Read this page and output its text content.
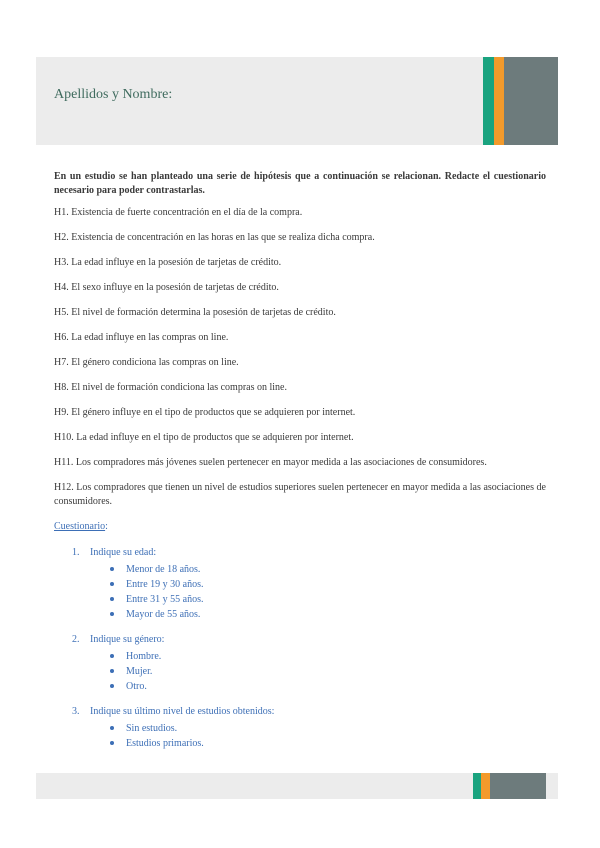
Apellidos y Nombre:

En un estudio se han planteado una serie de hipótesis que a continuación se relacionan. Redacte el cuestionario necesario para poder contrastarlas.

H1. Existencia de fuerte concentración en el día de la compra.

H2. Existencia de concentración en las horas en las que se realiza dicha compra.

H3. La edad influye en la posesión de tarjetas de crédito.

H4. El sexo influye en la posesión de tarjetas de crédito.

H5. El nivel de formación determina la posesión de tarjetas de crédito.

H6. La edad influye en las compras on line.

H7. El género condiciona las compras on line.

H8. El nivel de formación condiciona las compras on line.

H9. El género influye en el tipo de productos que se adquieren por internet.

H10. La edad influye en el tipo de productos que se adquieren por internet.

H11. Los compradores más jóvenes suelen pertenecer en mayor medida a las asociaciones de consumidores.

H12. Los compradores que tienen un nivel de estudios superiores suelen pertenecer en mayor medida a las asociaciones de consumidores.

Cuestionario:
1. Indique su edad:
Menor de 18 años.
Entre 19 y 30 años.
Entre 31 y 55 años.
Mayor de 55 años.
2. Indique su género:
Hombre.
Mujer.
Otro.
3. Indique su último nivel de estudios obtenidos:
Sin estudios.
Estudios primarios.
